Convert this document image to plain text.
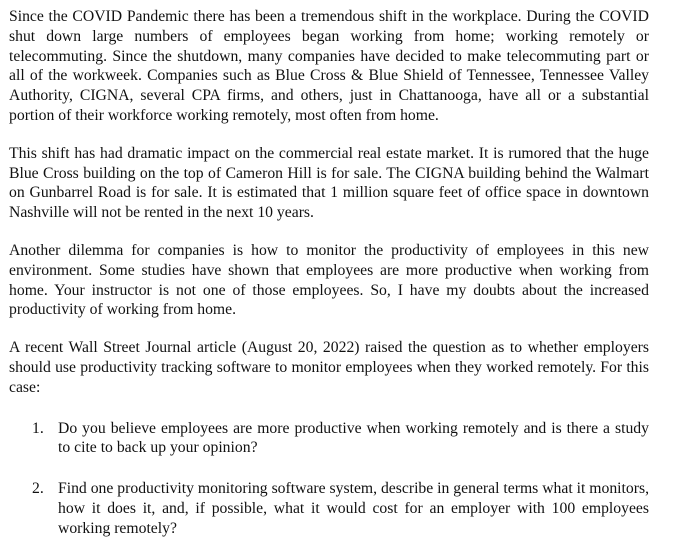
Since the COVID Pandemic there has been a tremendous shift in the workplace. During the COVID shut down large numbers of employees began working from home; working remotely or telecommuting. Since the shutdown, many companies have decided to make telecommuting part or all of the workweek. Companies such as Blue Cross & Blue Shield of Tennessee, Tennessee Valley Authority, CIGNA, several CPA firms, and others, just in Chattanooga, have all or a substantial portion of their workforce working remotely, most often from home.

This shift has had dramatic impact on the commercial real estate market. It is rumored that the huge Blue Cross building on the top of Cameron Hill is for sale. The CIGNA building behind the Walmart on Gunbarrel Road is for sale. It is estimated that 1 million square feet of office space in downtown Nashville will not be rented in the next 10 years.

Another dilemma for companies is how to monitor the productivity of employees in this new environment. Some studies have shown that employees are more productive when working from home. Your instructor is not one of those employees. So, I have my doubts about the increased productivity of working from home.

A recent Wall Street Journal article (August 20, 2022) raised the question as to whether employers should use productivity tracking software to monitor employees when they worked remotely. For this case:

1. Do you believe employees are more productive when working remotely and is there a study to cite to back up your opinion?
2. Find one productivity monitoring software system, describe in general terms what it monitors, how it does it, and, if possible, what it would cost for an employer with 100 employees working remotely?
